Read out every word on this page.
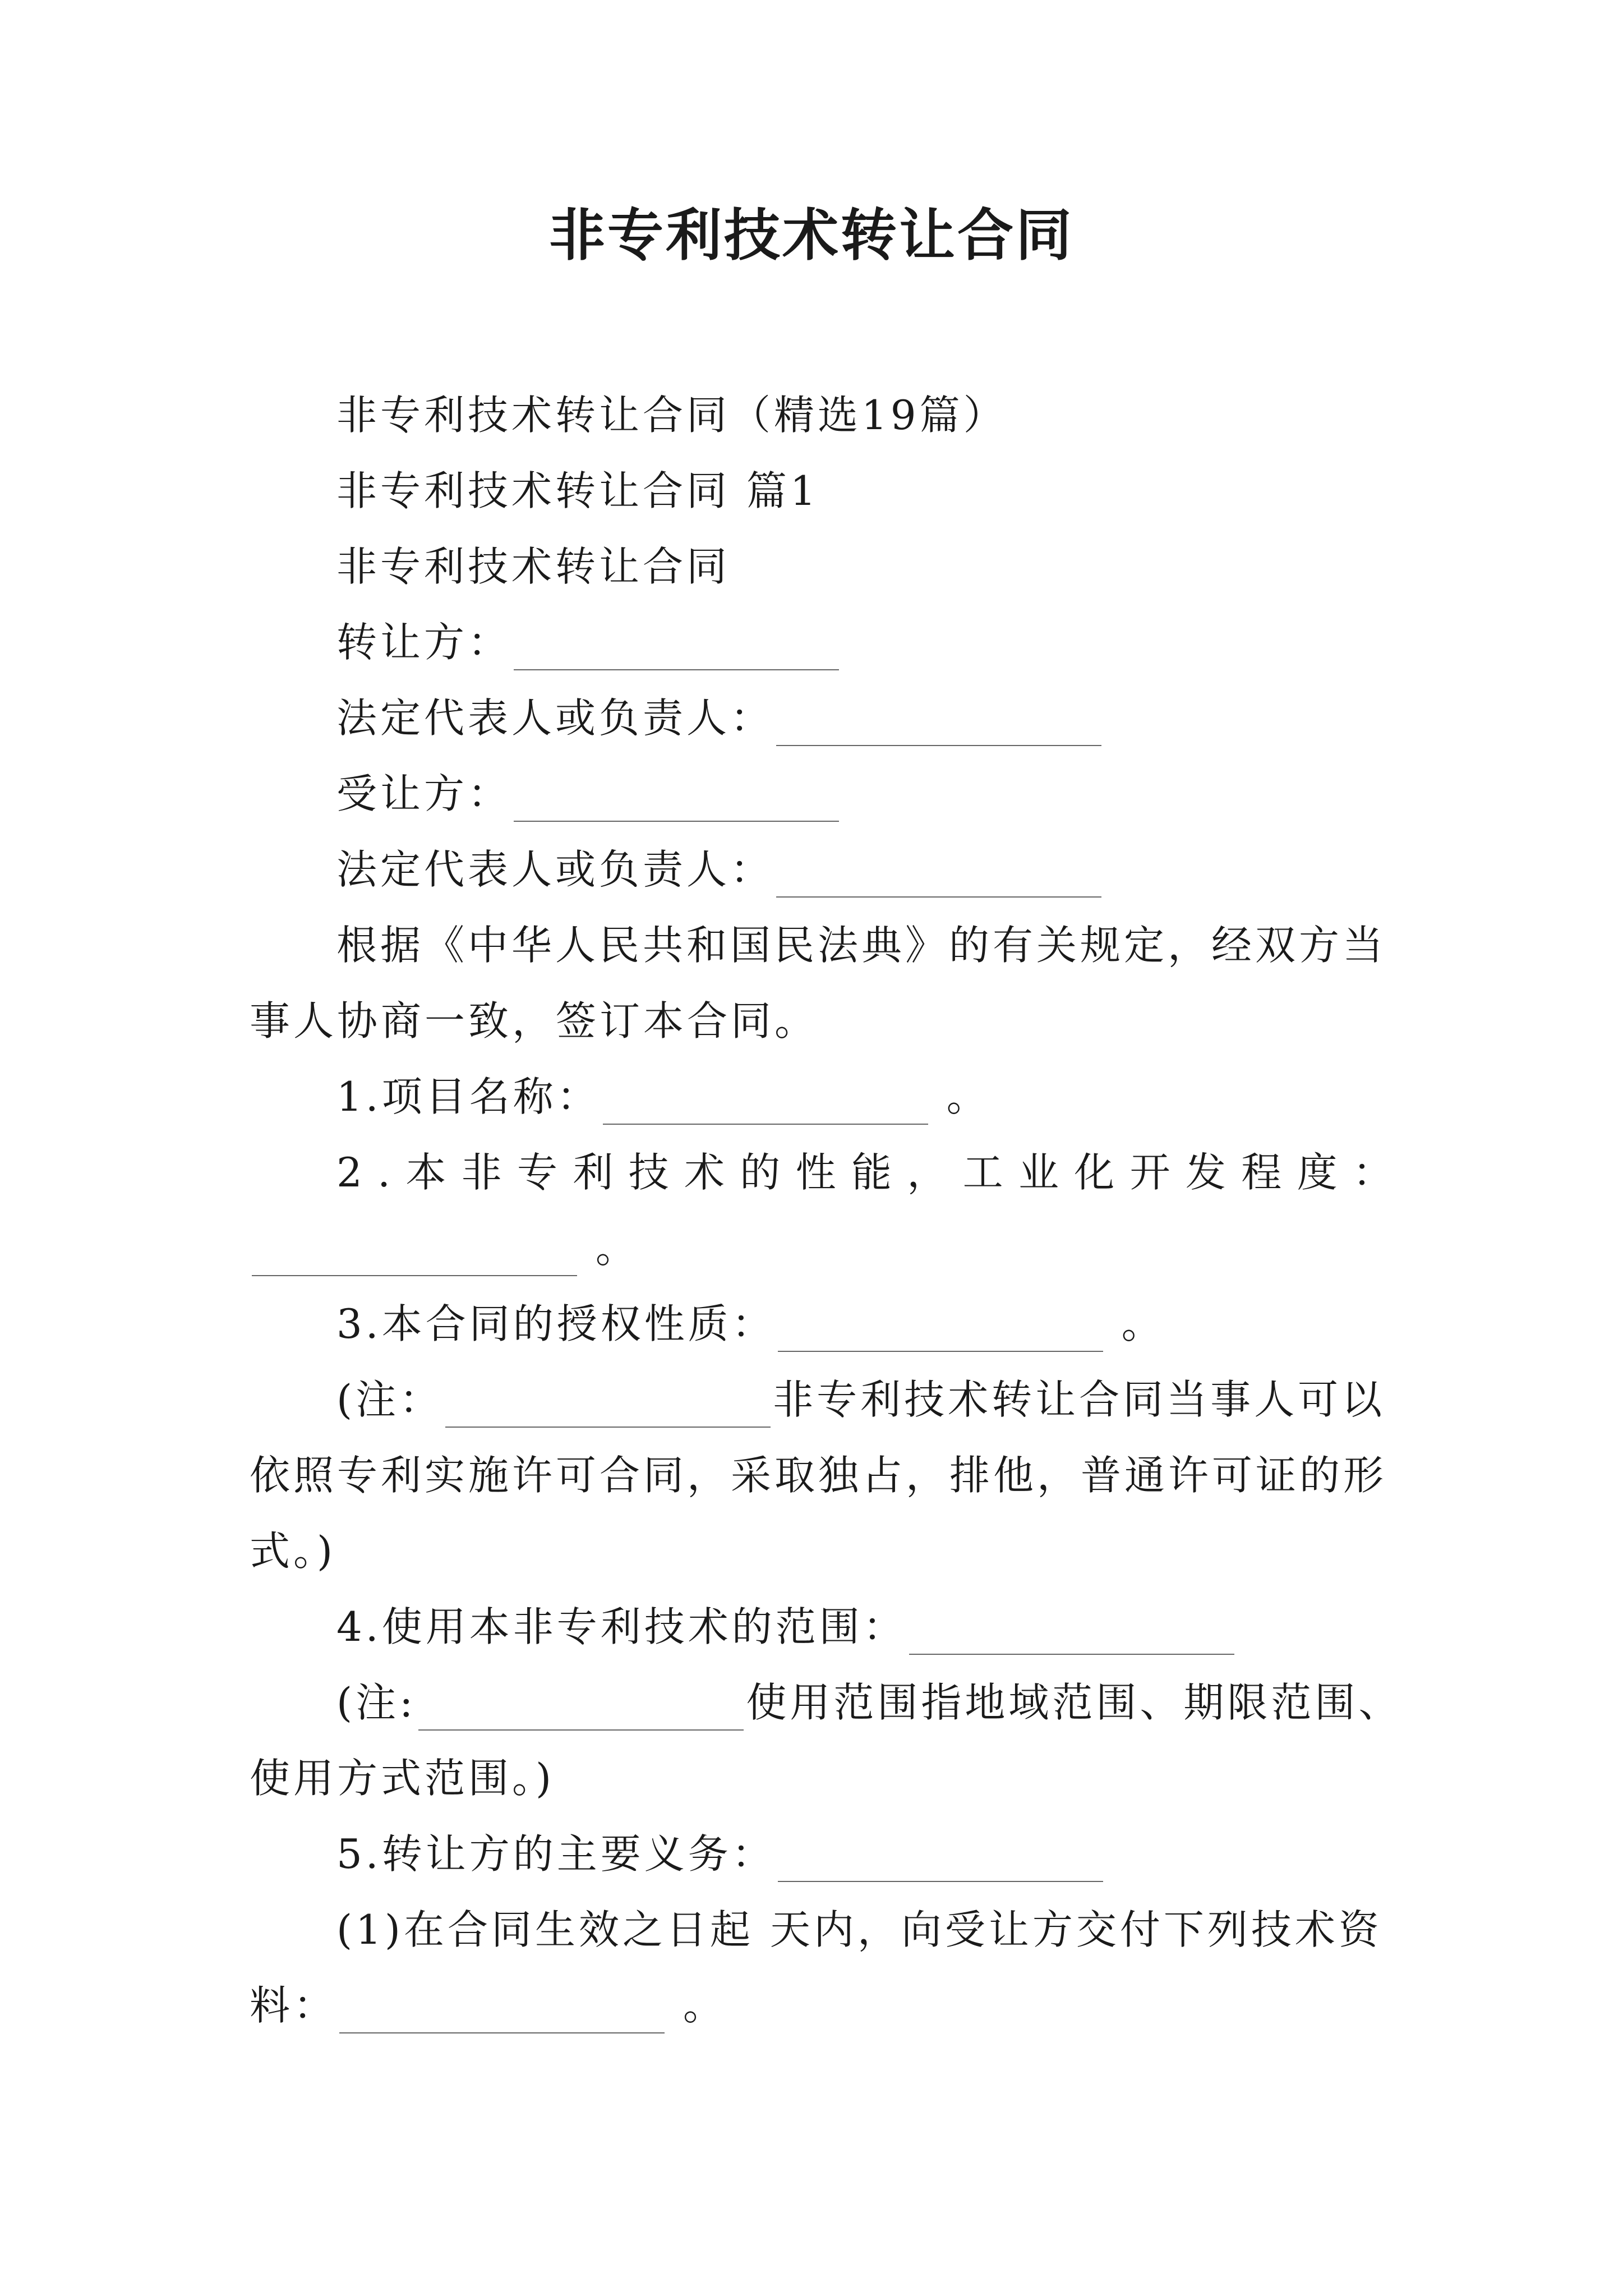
非专利技术转让合同
非专利技术转让合同（精选19篇）
非专利技术转让合同 篇1
非专利技术转让合同
转让方：
法定代表人或负责人：
受让方：
法定代表人或负责人：
根据《中华人民共和国民法典》的有关规定，经双方当
事人协商一致，签订本合同。
1.项目名称：	。
2 . 本 非 专 利 技 术 的 性 能 ， 工 业 化 开 发 程 度 ：
。
3.本合同的授权性质：	。
(注：	非专利技术转让合同当事人可以
依照专利实施许可合同，采取独占，排他，普通许可证的形
式。)
4.使用本非专利技术的范围：
(注:	使用范围指地域范围、期限范围、
使用方式范围。)
5.转让方的主要义务：
(1)在合同生效之日起 天内，向受让方交付下列技术资
料：	。
